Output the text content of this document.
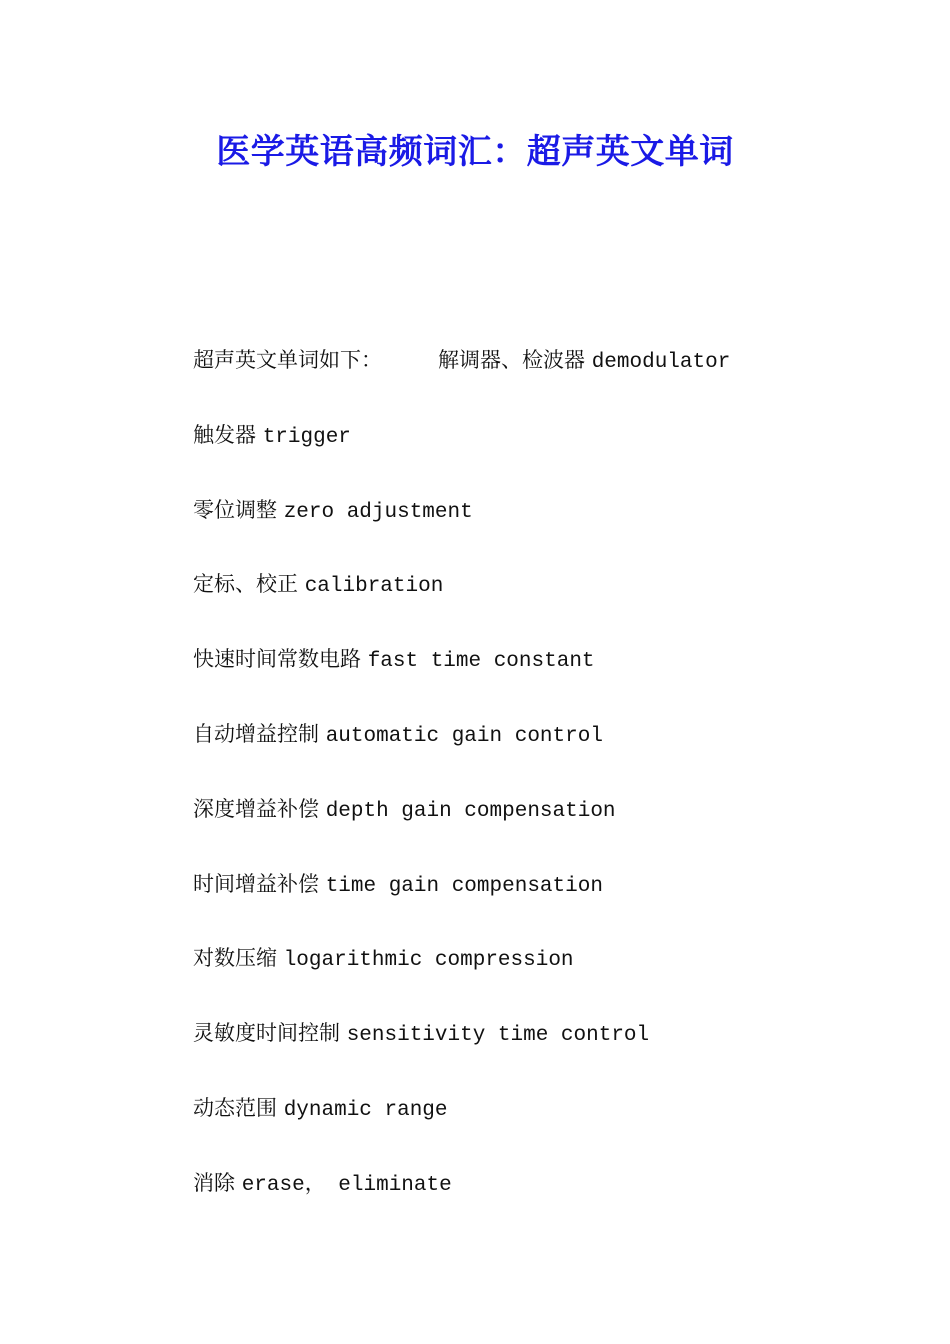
医学英语高频词汇：超声英文单词
超声英文单词如下：	解调器、检波器 demodulator
触发器 trigger
零位调整 zero adjustment
定标、校正 calibration
快速时间常数电路 fast time constant
自动增益控制 automatic gain control
深度增益补偿 depth gain compensation
时间增益补偿 time gain compensation
对数压缩 logarithmic compression
灵敏度时间控制 sensitivity time control
动态范围 dynamic range
消除 erase， eliminate
